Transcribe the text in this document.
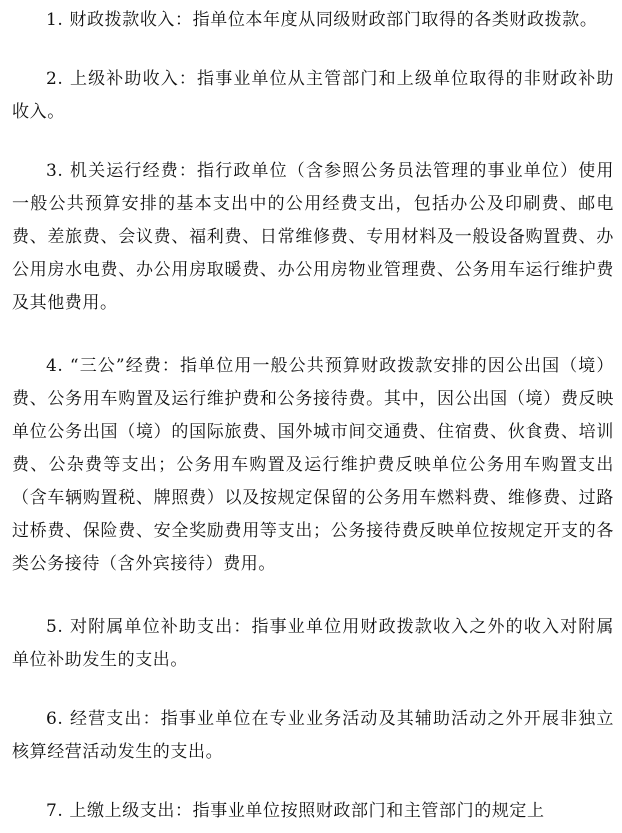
1. 财政拨款收入：指单位本年度从同级财政部门取得的各类财政拨款。

2. 上级补助收入：指事业单位从主管部门和上级单位取得的非财政补助收入。

3. 机关运行经费：指行政单位（含参照公务员法管理的事业单位）使用一般公共预算安排的基本支出中的公用经费支出，包括办公及印刷费、邮电费、差旅费、会议费、福利费、日常维修费、专用材料及一般设备购置费、办公用房水电费、办公用房取暖费、办公用房物业管理费、公务用车运行维护费及其他费用。

4. “三公”经费：指单位用一般公共预算财政拨款安排的因公出国（境）费、公务用车购置及运行维护费和公务接待费。其中，因公出国（境）费反映单位公务出国（境）的国际旅费、国外城市间交通费、住宿费、伙食费、培训费、公杂费等支出；公务用车购置及运行维护费反映单位公务用车购置支出（含车辆购置税、牌照费）以及按规定保留的公务用车燃料费、维修费、过路过桥费、保险费、安全奖励费用等支出；公务接待费反映单位按规定开支的各类公务接待（含外宾接待）费用。

5. 对附属单位补助支出：指事业单位用财政拨款收入之外的收入对附属单位补助发生的支出。

6. 经营支出：指事业单位在专业业务活动及其辅助活动之外开展非独立核算经营活动发生的支出。

7. 上缴上级支出：指事业单位按照财政部门和主管部门的规定上
